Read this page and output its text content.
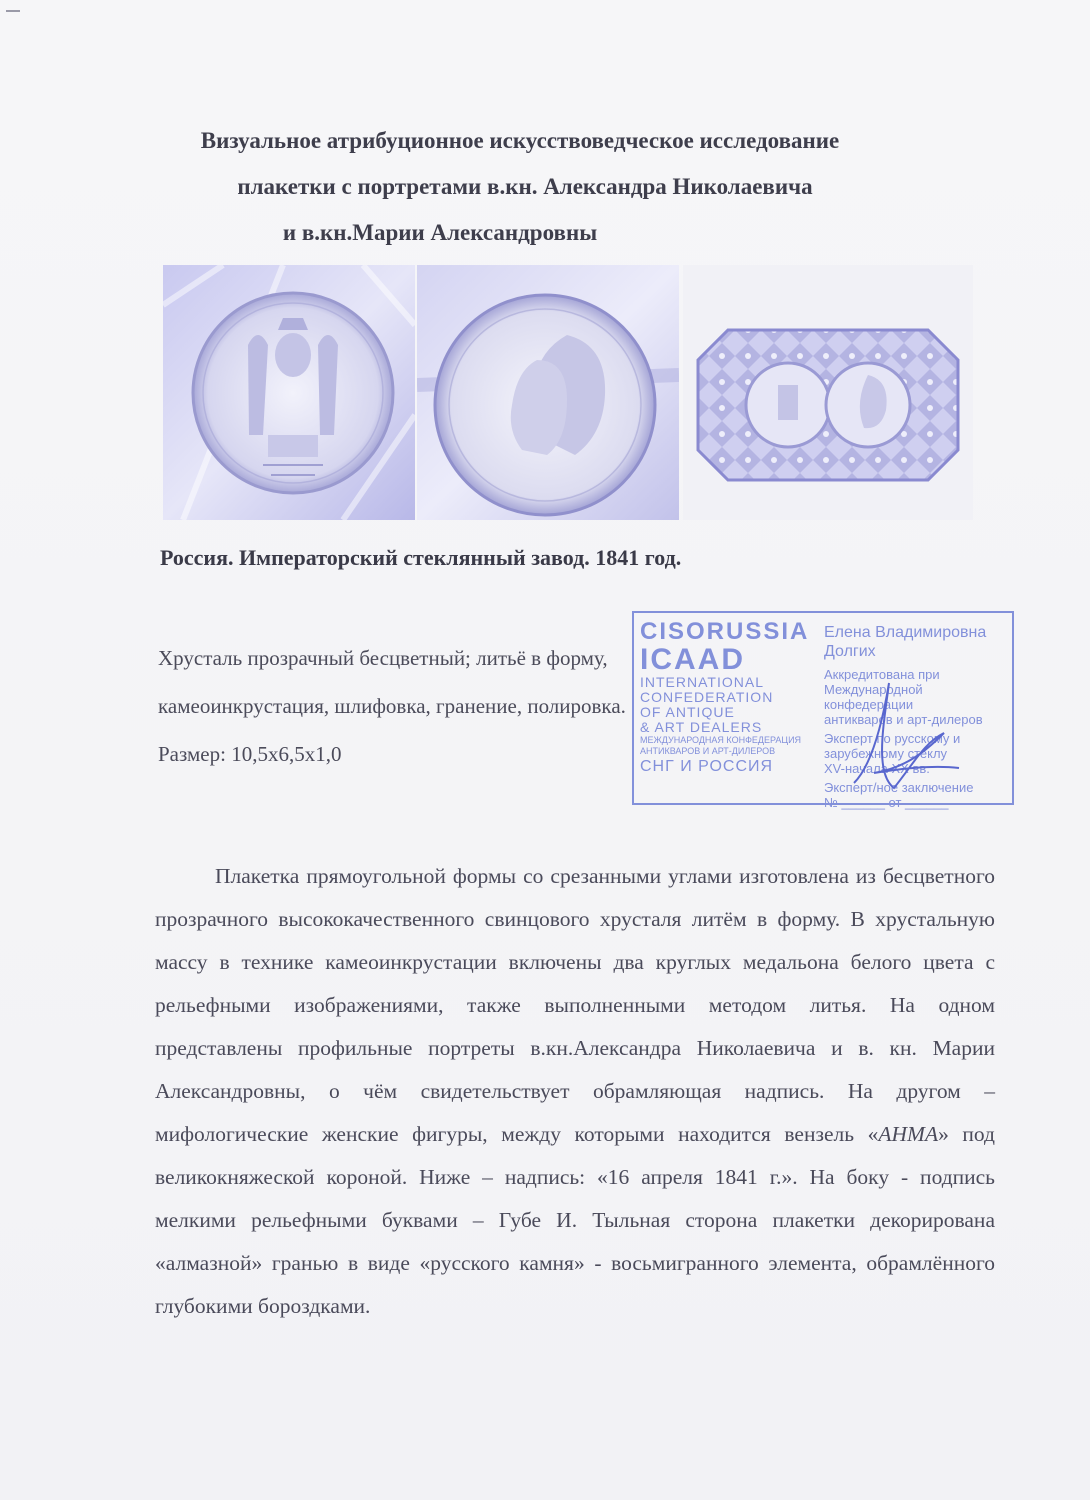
Визуальное атрибуционное искусствоведческое исследование
плакетки с портретами в.кн. Александра Николаевича
и в.кн.Марии Александровны
Россия. Императорский стеклянный завод. 1841 год.
Хрусталь прозрачный бесцветный; литьё в форму,
камеоинкрустация, шлифовка, гранение, полировка.
Размер: 10,5х6,5х1,0
CISORUSSIA
ICAAD
INTERNATIONAL
CONFEDERATION
OF ANTIQUE
& ART DEALERS
МЕЖДУНАРОДНАЯ КОНФЕДЕРАЦИЯ
АНТИКВАРОВ И АРТ-ДИЛЕРОВ
СНГ И РОССИЯ
Елена Владимировна
Долгих
Аккредитована при
Международной конфедерации
антикваров и арт-дилеров
Эксперт по русскому и
зарубежному стеклу
XV-начала XX вв.
Эксперт/ное заключение
№ ______ от ______

Плакетка прямоугольной формы со срезанными углами изготовлена из бесцветного прозрачного высококачественного свинцового хрусталя литём в форму. В хрустальную массу в технике камеоинкрустации включены два круглых медальона белого цвета с рельефными изображениями, также выполненными методом литья. На одном представлены профильные портреты в.кн.Александра Николаевича и в. кн. Марии Александровны, о чём свидетельствует обрамляющая надпись. На другом – мифологические женские фигуры, между которыми находится вензель «АНМА» под великокняжеской короной. Ниже – надпись: «16 апреля 1841 г.». На боку - подпись мелкими рельефными буквами – Губе И. Тыльная сторона плакетки декорирована «алмазной» гранью в виде «русского камня» - восьмигранного элемента, обрамлённого глубокими бороздками.
